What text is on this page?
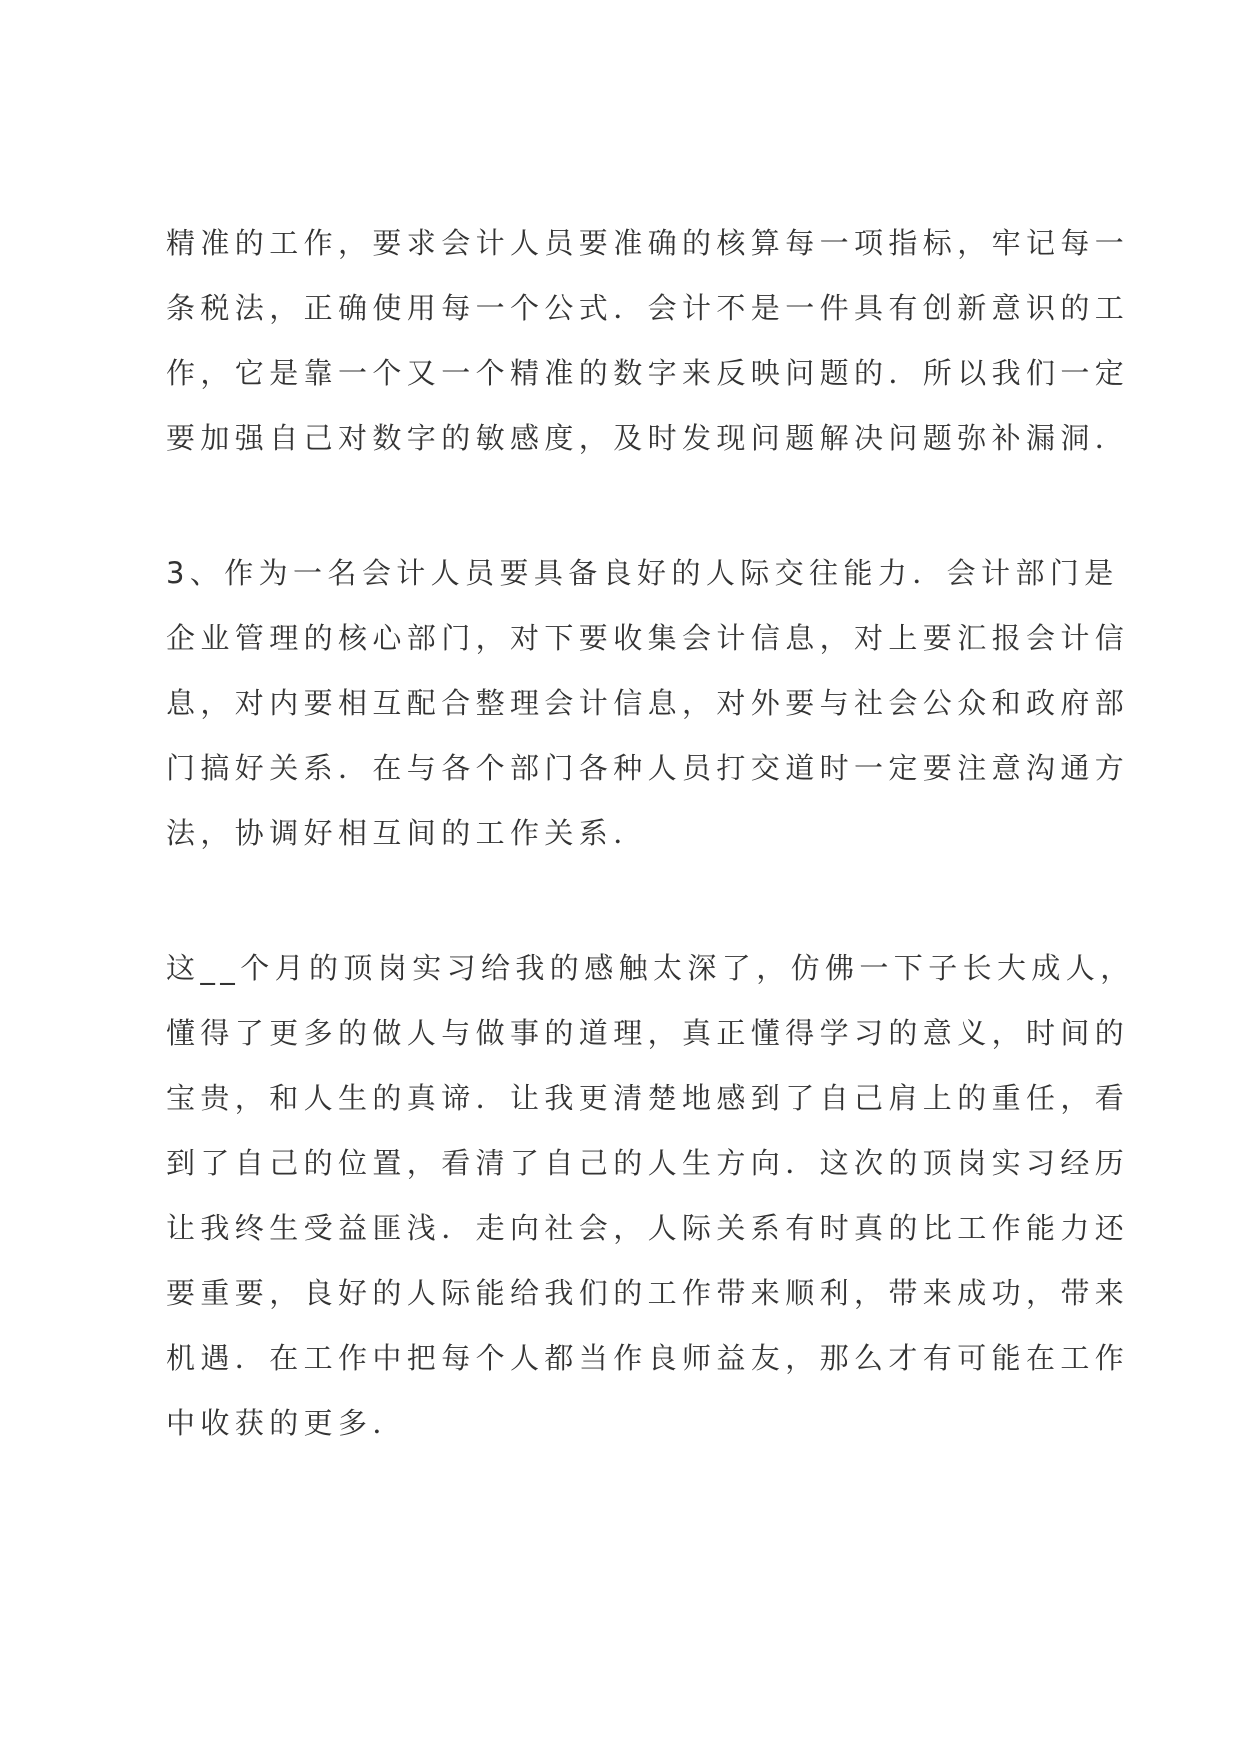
精准的工作，要求会计人员要准确的核算每一项指标，牢记每一
条税法，正确使用每一个公式．会计不是一件具有创新意识的工
作，它是靠一个又一个精准的数字来反映问题的．所以我们一定
要加强自己对数字的敏感度，及时发现问题解决问题弥补漏洞．
3、作为一名会计人员要具备良好的人际交往能力．会计部门是
企业管理的核心部门，对下要收集会计信息，对上要汇报会计信
息，对内要相互配合整理会计信息，对外要与社会公众和政府部
门搞好关系．在与各个部门各种人员打交道时一定要注意沟通方
法，协调好相互间的工作关系．
这__个月的顶岗实习给我的感触太深了，仿佛一下子长大成人，
懂得了更多的做人与做事的道理，真正懂得学习的意义，时间的
宝贵，和人生的真谛．让我更清楚地感到了自己肩上的重任，看
到了自己的位置，看清了自己的人生方向．这次的顶岗实习经历
让我终生受益匪浅．走向社会，人际关系有时真的比工作能力还
要重要，良好的人际能给我们的工作带来顺利，带来成功，带来
机遇．在工作中把每个人都当作良师益友，那么才有可能在工作
中收获的更多．
